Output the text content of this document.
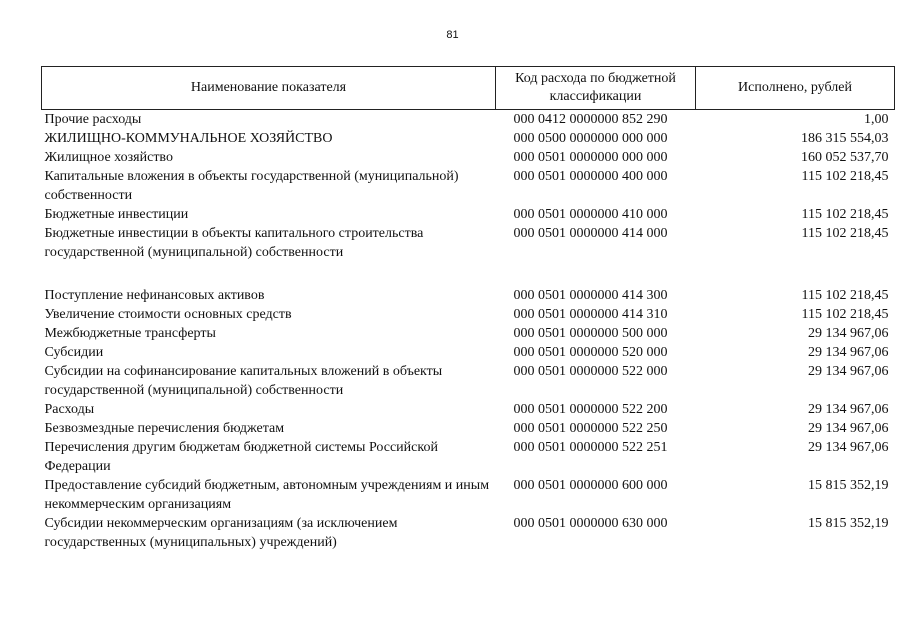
81
Наименование показателя	Код расхода по бюджетной классификации	Исполнено, рублей
Прочие расходы	000 0412 0000000 852 290	1,00
ЖИЛИЩНО-КОММУНАЛЬНОЕ ХОЗЯЙСТВО	000 0500 0000000 000 000	186 315 554,03
Жилищное хозяйство	000 0501 0000000 000 000	160 052 537,70
Капитальные вложения в объекты государственной (муниципальной) собственности	000 0501 0000000 400 000	115 102 218,45
Бюджетные инвестиции	000 0501 0000000 410 000	115 102 218,45
Бюджетные инвестиции в объекты капитального строительства государственной (муниципальной) собственности	000 0501 0000000 414 000	115 102 218,45

Поступление нефинансовых активов	000 0501 0000000 414 300	115 102 218,45
Увеличение стоимости основных средств	000 0501 0000000 414 310	115 102 218,45
Межбюджетные трансферты	000 0501 0000000 500 000	29 134 967,06
Субсидии	000 0501 0000000 520 000	29 134 967,06
Субсидии на софинансирование капитальных вложений в объекты государственной (муниципальной) собственности	000 0501 0000000 522 000	29 134 967,06
Расходы	000 0501 0000000 522 200	29 134 967,06
Безвозмездные перечисления бюджетам	000 0501 0000000 522 250	29 134 967,06
Перечисления другим бюджетам бюджетной системы Российской Федерации	000 0501 0000000 522 251	29 134 967,06
Предоставление субсидий бюджетным, автономным учреждениям и иным некоммерческим организациям	000 0501 0000000 600 000	15 815 352,19
Субсидии некоммерческим организациям (за исключением государственных (муниципальных) учреждений)	000 0501 0000000 630 000	15 815 352,19
